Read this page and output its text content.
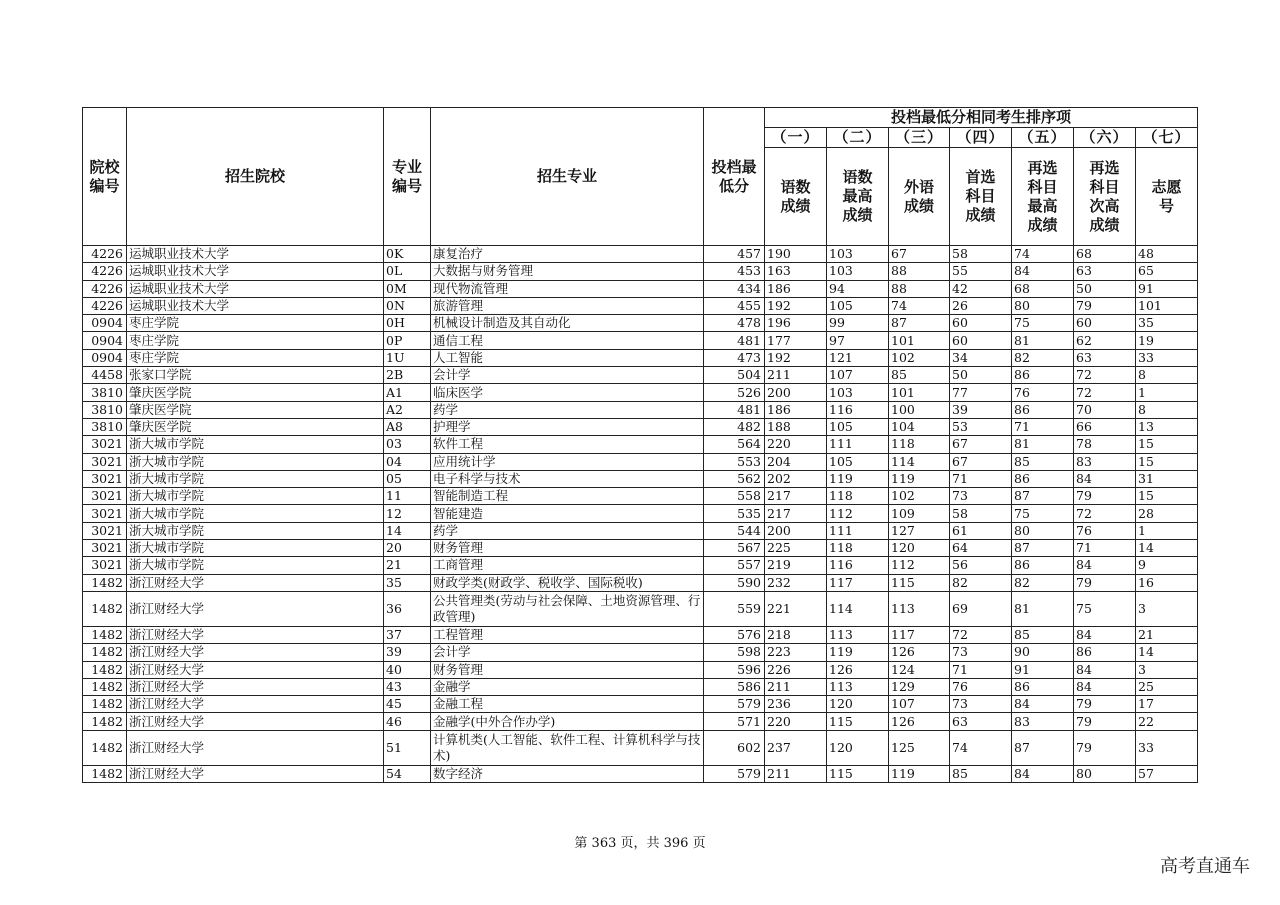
院校编号	招生院校	专业编号	招生专业	投档最低分	投档最低分相同考生排序项						
					（一）	（二）	（三）	（四）	（五）	（六）	（七）
					语数成绩	语数最高成绩	外语成绩	首选科目成绩	再选科目最高成绩	再选科目次高成绩	志愿号
4226	运城职业技术大学	0K	康复治疗	457	190	103	67	58	74	68	48
4226	运城职业技术大学	0L	大数据与财务管理	453	163	103	88	55	84	63	65
4226	运城职业技术大学	0M	现代物流管理	434	186	94	88	42	68	50	91
4226	运城职业技术大学	0N	旅游管理	455	192	105	74	26	80	79	101
0904	枣庄学院	0H	机械设计制造及其自动化	478	196	99	87	60	75	60	35
0904	枣庄学院	0P	通信工程	481	177	97	101	60	81	62	19
0904	枣庄学院	1U	人工智能	473	192	121	102	34	82	63	33
4458	张家口学院	2B	会计学	504	211	107	85	50	86	72	8
3810	肇庆医学院	A1	临床医学	526	200	103	101	77	76	72	1
3810	肇庆医学院	A2	药学	481	186	116	100	39	86	70	8
3810	肇庆医学院	A8	护理学	482	188	105	104	53	71	66	13
3021	浙大城市学院	03	软件工程	564	220	111	118	67	81	78	15
3021	浙大城市学院	04	应用统计学	553	204	105	114	67	85	83	15
3021	浙大城市学院	05	电子科学与技术	562	202	119	119	71	86	84	31
3021	浙大城市学院	11	智能制造工程	558	217	118	102	73	87	79	15
3021	浙大城市学院	12	智能建造	535	217	112	109	58	75	72	28
3021	浙大城市学院	14	药学	544	200	111	127	61	80	76	1
3021	浙大城市学院	20	财务管理	567	225	118	120	64	87	71	14
3021	浙大城市学院	21	工商管理	557	219	116	112	56	86	84	9
1482	浙江财经大学	35	财政学类(财政学、税收学、国际税收)	590	232	117	115	82	82	79	16
1482	浙江财经大学	36	公共管理类(劳动与社会保障、土地资源管理、行政管理)	559	221	114	113	69	81	75	3
1482	浙江财经大学	37	工程管理	576	218	113	117	72	85	84	21
1482	浙江财经大学	39	会计学	598	223	119	126	73	90	86	14
1482	浙江财经大学	40	财务管理	596	226	126	124	71	91	84	3
1482	浙江财经大学	43	金融学	586	211	113	129	76	86	84	25
1482	浙江财经大学	45	金融工程	579	236	120	107	73	84	79	17
1482	浙江财经大学	46	金融学(中外合作办学)	571	220	115	126	63	83	79	22
1482	浙江财经大学	51	计算机类(人工智能、软件工程、计算机科学与技术)	602	237	120	125	74	87	79	33
1482	浙江财经大学	54	数字经济	579	211	115	119	85	84	80	57
第 363 页，共 396 页
高考直通车
